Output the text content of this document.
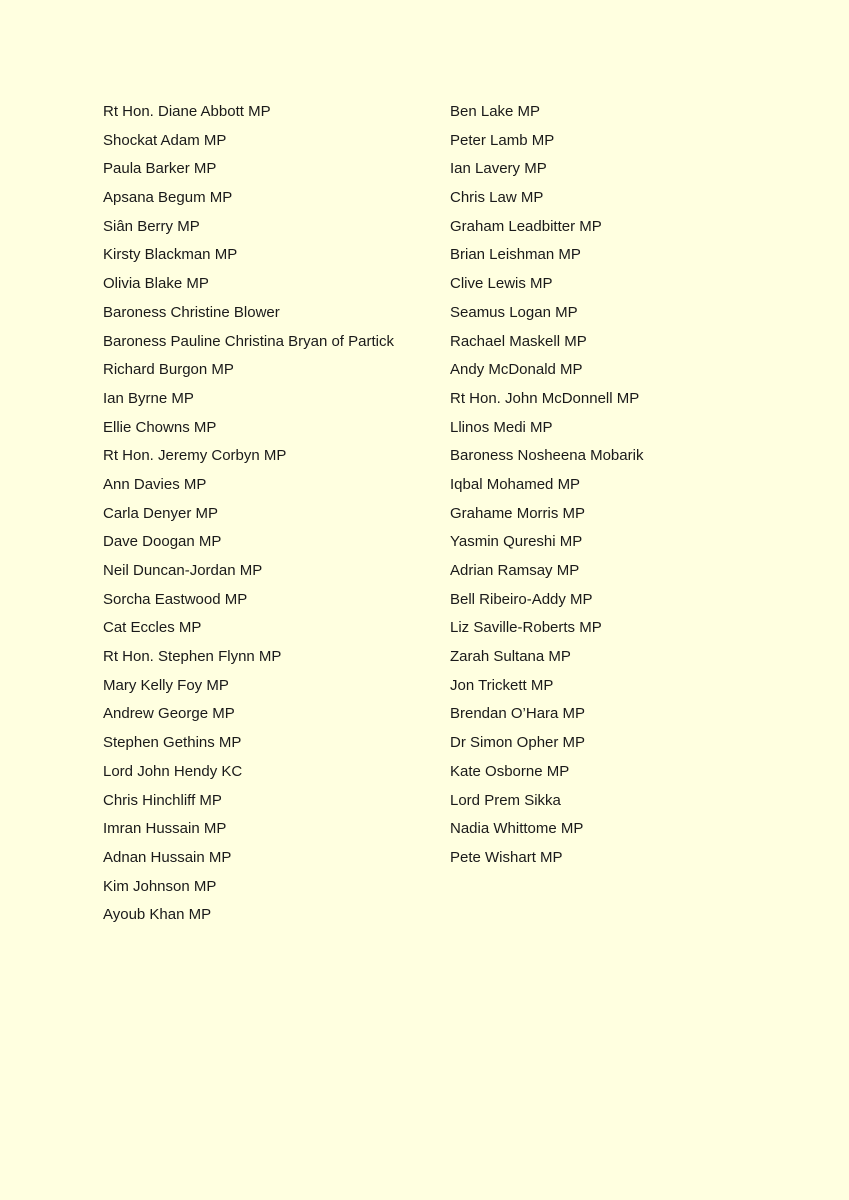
Rt Hon. Diane Abbott MP
Shockat Adam MP
Paula Barker MP
Apsana Begum MP
Siân Berry MP
Kirsty Blackman MP
Olivia Blake MP
Baroness Christine Blower
Baroness Pauline Christina Bryan of Partick
Richard Burgon MP
Ian Byrne MP
Ellie Chowns MP
Rt Hon. Jeremy Corbyn MP
Ann Davies MP
Carla Denyer MP
Dave Doogan MP
Neil Duncan-Jordan MP
Sorcha Eastwood MP
Cat Eccles MP
Rt Hon. Stephen Flynn MP
Mary Kelly Foy MP
Andrew George MP
Stephen Gethins MP
Lord John Hendy KC
Chris Hinchliff MP
Imran Hussain MP
Adnan Hussain MP
Kim Johnson MP
Ayoub Khan MP
Ben Lake MP
Peter Lamb MP
Ian Lavery MP
Chris Law MP
Graham Leadbitter MP
Brian Leishman MP
Clive Lewis MP
Seamus Logan MP
Rachael Maskell MP
Andy McDonald MP
Rt Hon. John McDonnell MP
Llinos Medi MP
Baroness Nosheena Mobarik
Iqbal Mohamed MP
Grahame Morris MP
Yasmin Qureshi MP
Adrian Ramsay MP
Bell Ribeiro-Addy MP
Liz Saville-Roberts MP
Zarah Sultana MP
Jon Trickett MP
Brendan O’Hara MP
Dr Simon Opher MP
Kate Osborne MP
Lord Prem Sikka
Nadia Whittome MP
Pete Wishart MP
